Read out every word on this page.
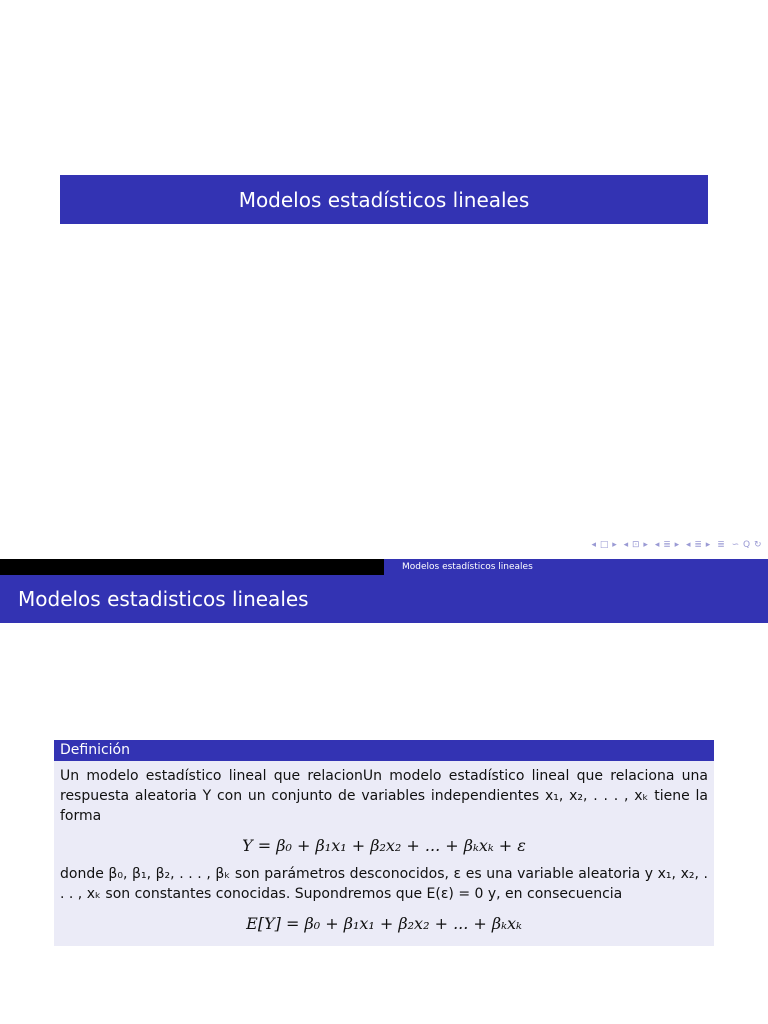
Modelos estadísticos lineales
◂ □ ▸ ◂ ⊡ ▸ ◂ ≣ ▸ ◂ ≣ ▸ ≣ ∽ Q ↻
Modelos estadísticos lineales
Modelos estadisticos lineales
Definición

Un modelo estadístico lineal que relacionUn modelo estadístico lineal que relaciona una respuesta aleatoria Y con un conjunto de variables independientes x₁, x₂, . . . , xₖ tiene la forma

Y = β₀ + β₁x₁ + β₂x₂ + ... + βₖxₖ + ε

donde β₀, β₁, β₂, . . . , βₖ son parámetros desconocidos, ε es una variable aleatoria y x₁, x₂, . . . , xₖ son constantes conocidas. Supondremos que E(ε) = 0 y, en consecuencia

E[Y] = β₀ + β₁x₁ + β₂x₂ + ... + βₖxₖ
